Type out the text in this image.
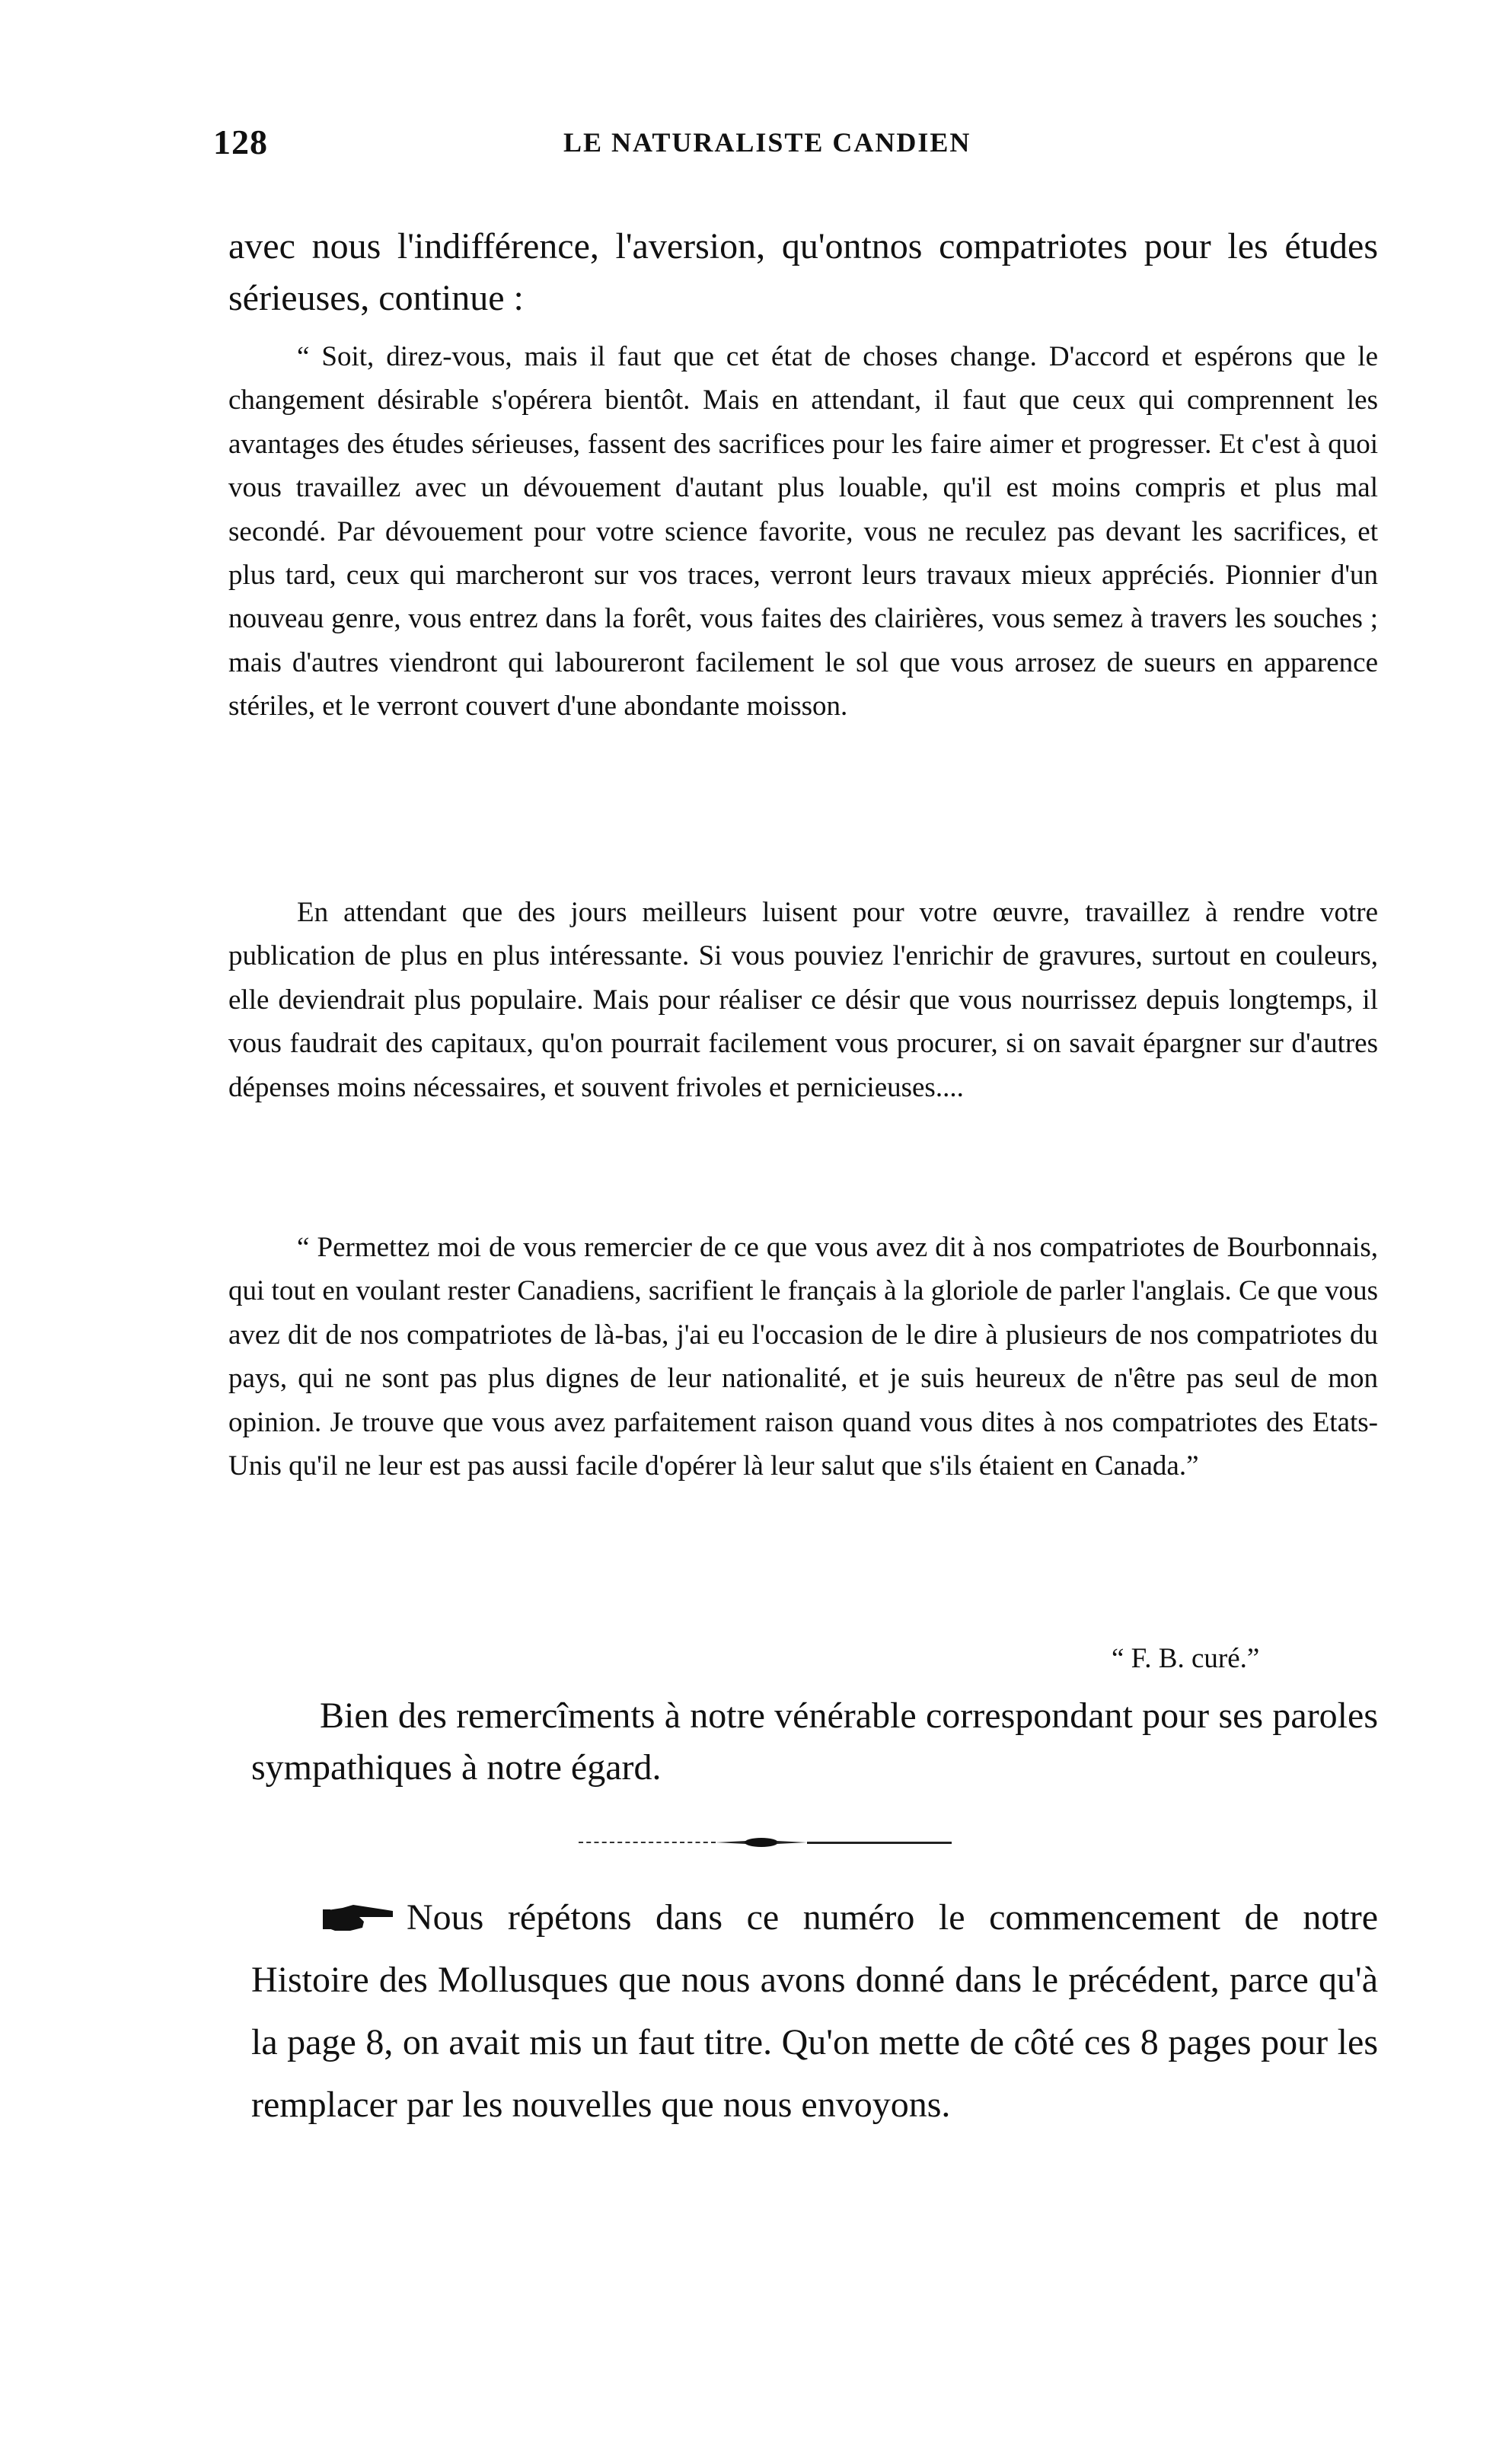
128	LE NATURALISTE CANDIEN

avec nous l'indifférence, l'aversion, qu'ontnos compatriotes pour les études sérieuses, continue :

“ Soit, direz-vous, mais il faut que cet état de choses change. D'accord et espérons que le changement désirable s'opérera bientôt. Mais en attendant, il faut que ceux qui comprennent les avantages des études sérieuses, fassent des sacrifices pour les faire aimer et progresser. Et c'est à quoi vous travaillez avec un dévouement d'autant plus louable, qu'il est moins compris et plus mal secondé. Par dévouement pour votre science favorite, vous ne reculez pas devant les sacrifices, et plus tard, ceux qui marcheront sur vos traces, verront leurs travaux mieux appréciés. Pionnier d'un nouveau genre, vous entrez dans la forêt, vous faites des clairières, vous semez à travers les souches ; mais d'autres viendront qui laboureront facilement le sol que vous arrosez de sueurs en apparence stériles, et le verront couvert d'une abondante moisson.

En attendant que des jours meilleurs luisent pour votre œuvre, travaillez à rendre votre publication de plus en plus intéressante. Si vous pouviez l'enrichir de gravures, surtout en couleurs, elle deviendrait plus populaire. Mais pour réaliser ce désir que vous nourrissez depuis longtemps, il vous faudrait des capitaux, qu'on pourrait facilement vous procurer, si on savait épargner sur d'autres dépenses moins nécessaires, et souvent frivoles et pernicieuses....

“ Permettez moi de vous remercier de ce que vous avez dit à nos compatriotes de Bourbonnais, qui tout en voulant rester Canadiens, sacrifient le français à la gloriole de parler l'anglais. Ce que vous avez dit de nos compatriotes de là-bas, j'ai eu l'occasion de le dire à plusieurs de nos compatriotes du pays, qui ne sont pas plus dignes de leur nationalité, et je suis heureux de n'être pas seul de mon opinion. Je trouve que vous avez parfaitement raison quand vous dites à nos compatriotes des Etats-Unis qu'il ne leur est pas aussi facile d'opérer là leur salut que s'ils étaient en Canada.”

“ F. B. curé.”

Bien des remercîments à notre vénérable correspondant pour ses paroles sympathiques à notre égard.

Nous répétons dans ce numéro le commencement de notre Histoire des Mollusques que nous avons donné dans le précédent, parce qu'à la page 8, on avait mis un faut titre. Qu'on mette de côté ces 8 pages pour les remplacer par les nouvelles que nous envoyons.
